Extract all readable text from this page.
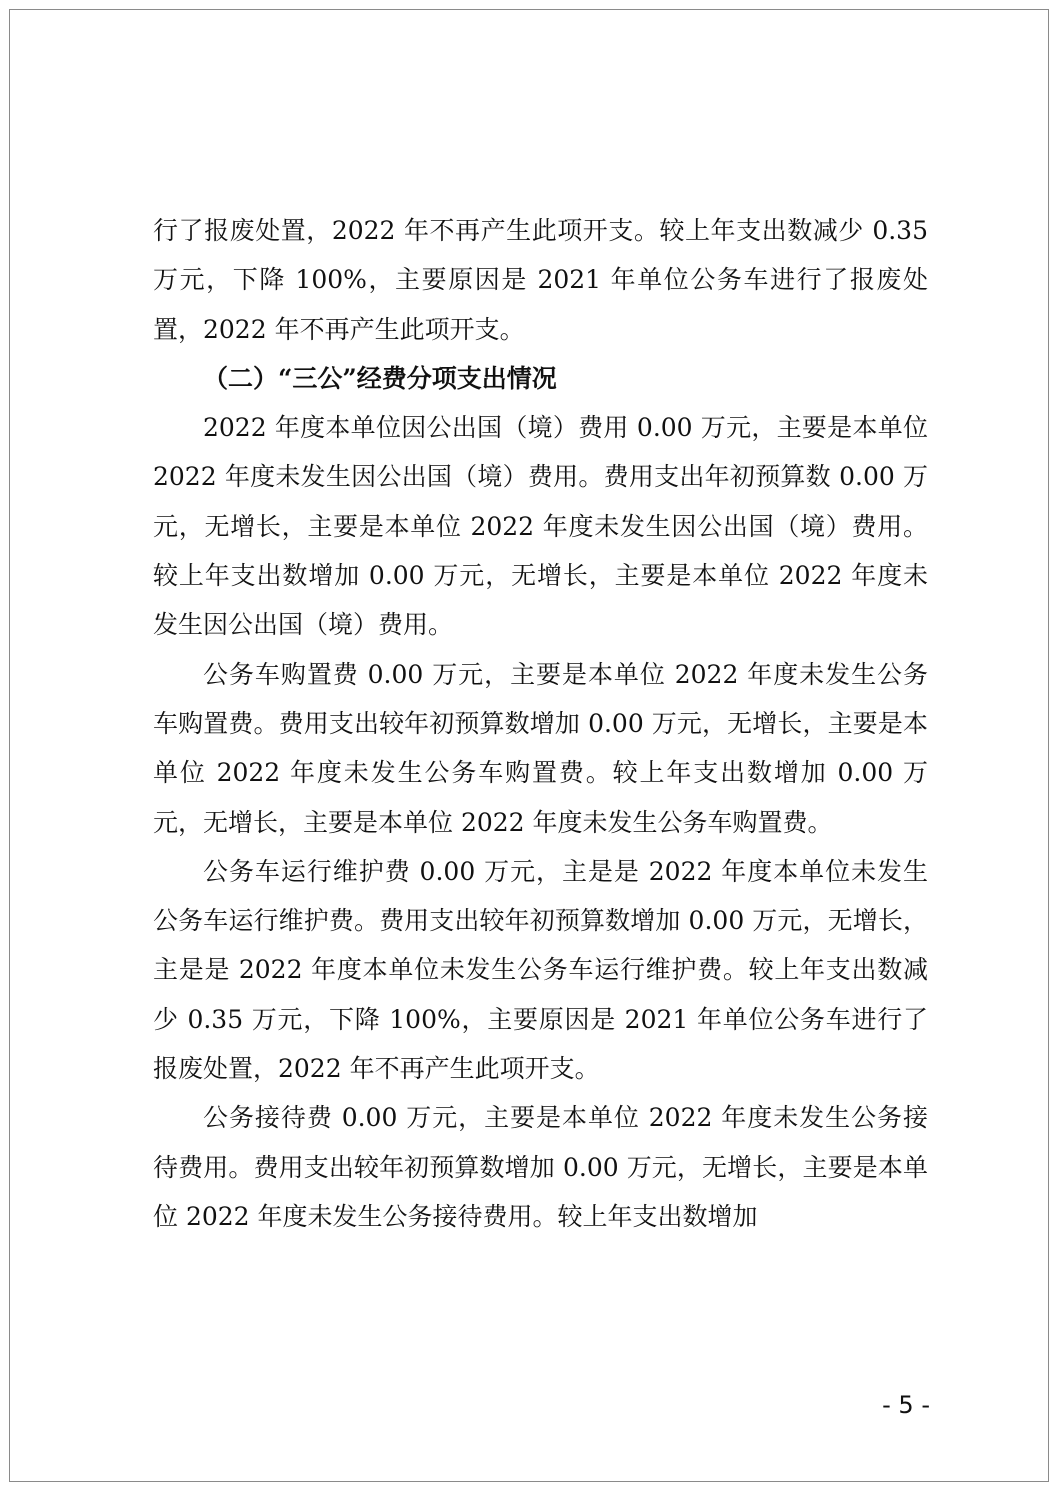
行了报废处置，2022 年不再产生此项开支。较上年支出数减少 0.35 万元，下降 100%，主要原因是 2021 年单位公务车进行了报废处置，2022 年不再产生此项开支。

（二）“三公”经费分项支出情况

2022 年度本单位因公出国（境）费用 0.00 万元，主要是本单位 2022 年度未发生因公出国（境）费用。费用支出年初预算数 0.00 万元，无增长，主要是本单位 2022 年度未发生因公出国（境）费用。较上年支出数增加 0.00 万元，无增长，主要是本单位 2022 年度未发生因公出国（境）费用。

公务车购置费 0.00 万元，主要是本单位 2022 年度未发生公务车购置费。费用支出较年初预算数增加 0.00 万元，无增长，主要是本单位 2022 年度未发生公务车购置费。较上年支出数增加 0.00 万元，无增长，主要是本单位 2022 年度未发生公务车购置费。

公务车运行维护费 0.00 万元，主是是 2022 年度本单位未发生公务车运行维护费。费用支出较年初预算数增加 0.00 万元，无增长，主是是 2022 年度本单位未发生公务车运行维护费。较上年支出数减少 0.35 万元，下降 100%，主要原因是 2021 年单位公务车进行了报废处置，2022 年不再产生此项开支。

公务接待费 0.00 万元，主要是本单位 2022 年度未发生公务接待费用。费用支出较年初预算数增加 0.00 万元，无增长，主要是本单位 2022 年度未发生公务接待费用。较上年支出数增加

- 5 -
